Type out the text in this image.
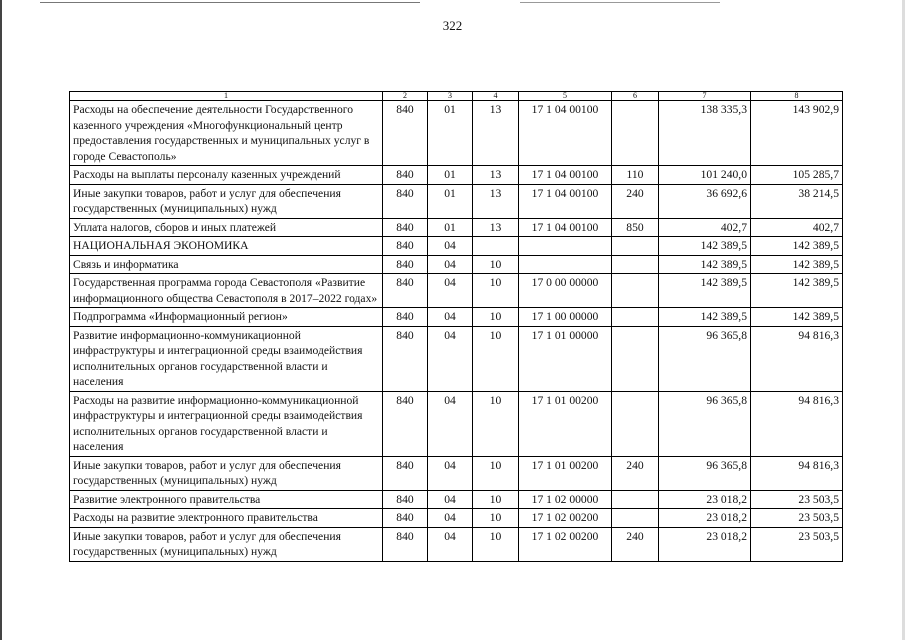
322
1	2	3	4	5	6	7	8
Расходы на обеспечение деятельности Государственного казенного учреждения «Многофункциональный центр предоставления государственных и муниципальных услуг в городе Севастополь»	840	01	13	17 1 04 00100		138 335,3	143 902,9
Расходы на выплаты персоналу казенных учреждений	840	01	13	17 1 04 00100	110	101 240,0	105 285,7
Иные закупки товаров, работ и услуг для обеспечения государственных (муниципальных) нужд	840	01	13	17 1 04 00100	240	36 692,6	38 214,5
Уплата налогов, сборов и иных платежей	840	01	13	17 1 04 00100	850	402,7	402,7
НАЦИОНАЛЬНАЯ ЭКОНОМИКА	840	04				142 389,5	142 389,5
Связь и информатика	840	04	10			142 389,5	142 389,5
Государственная программа города Севастополя «Развитие информационного общества Севастополя в 2017–2022 годах»	840	04	10	17 0 00 00000		142 389,5	142 389,5
Подпрограмма «Информационный регион»	840	04	10	17 1 00 00000		142 389,5	142 389,5
Развитие информационно-коммуникационной инфраструктуры и интеграционной среды взаимодействия исполнительных органов государственной власти и населения	840	04	10	17 1 01 00000		96 365,8	94 816,3
Расходы на развитие информационно-коммуникационной инфраструктуры и интеграционной среды взаимодействия исполнительных органов государственной власти и населения	840	04	10	17 1 01 00200		96 365,8	94 816,3
Иные закупки товаров, работ и услуг для обеспечения государственных (муниципальных) нужд	840	04	10	17 1 01 00200	240	96 365,8	94 816,3
Развитие электронного правительства	840	04	10	17 1 02 00000		23 018,2	23 503,5
Расходы на развитие электронного правительства	840	04	10	17 1 02 00200		23 018,2	23 503,5
Иные закупки товаров, работ и услуг для обеспечения государственных (муниципальных) нужд	840	04	10	17 1 02 00200	240	23 018,2	23 503,5
